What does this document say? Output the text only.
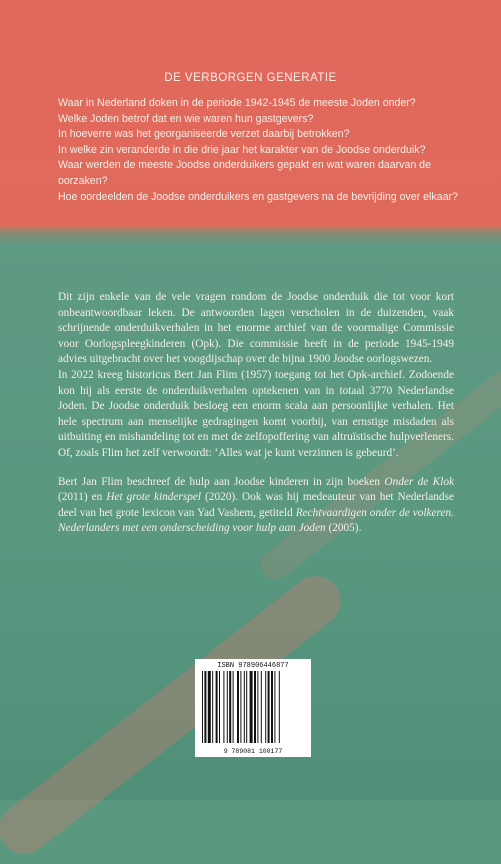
DE VERBORGEN GENERATIE

Waar in Nederland doken in de periode 1942-1945 de meeste Joden onder?

Welke Joden betrof dat en wie waren hun gastgevers?

In hoeverre was het georganiseerde verzet daarbij betrokken?

In welke zin veranderde in die drie jaar het karakter van de Joodse onderduik?

Waar werden de meeste Joodse onderduikers gepakt en wat waren daarvan de oorzaken?

Hoe oordeelden de Joodse onderduikers en gastgevers na de bevrijding over elkaar?

Dit zijn enkele van de vele vragen rondom de Joodse onderduik die tot voor kort onbeantwoordbaar leken. De antwoorden lagen verscholen in de duizenden, vaak schrijnende onderduikverhalen in het enorme archief van de voormalige Commissie voor Oorlogspleegkinderen (Opk). Die commissie heeft in de periode 1945-1949 advies uitgebracht over het voogdijschap over de bijna 1900 Joodse oorlogswezen.

In 2022 kreeg historicus Bert Jan Flim (1957) toegang tot het Opk-archief. Zodoende kon hij als eerste de onderduikverhalen optekenen van in totaal 3770 Nederlandse Joden. De Joodse onderduik besloeg een enorm scala aan persoonlijke verhalen. Het hele spectrum aan menselijke gedragingen komt voorbij, van ernstige misdaden als uitbuiting en mishandeling tot en met de zelfopoffering van altruïstische hulpverleners. Of, zoals Flim het zelf verwoordt: ‘Alles wat je kunt verzinnen is gebeurd’.

Bert Jan Flim beschreef de hulp aan Joodse kinderen in zijn boeken Onder de Klok (2011) en Het grote kinderspel (2020). Ook was hij medeauteur van het Nederlandse deel van het grote lexicon van Yad Vashem, getiteld Rechtvaardigen onder de volkeren. Nederlanders met een onderscheiding voor hulp aan Joden (2005).

ISBN 978906446877
9 789081 100177
